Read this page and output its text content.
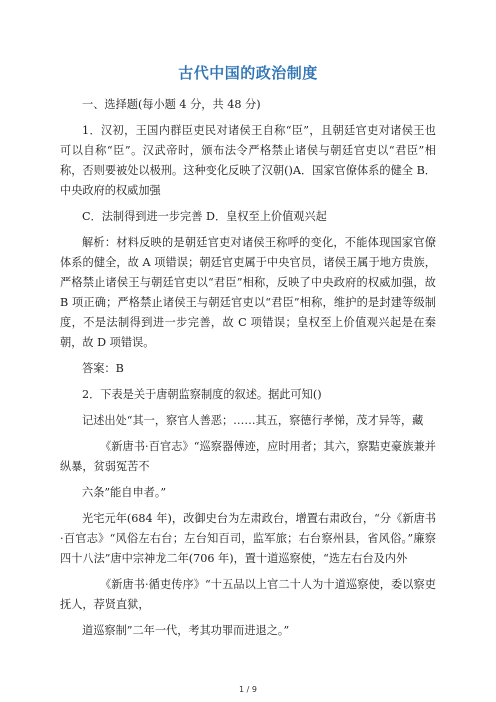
古代中国的政治制度

一、选择题(每小题 4 分，共 48 分)

1．汉初，王国内群臣吏民对诸侯王自称“臣”，且朝廷官吏对诸侯王也可以自称“臣”。汉武帝时，颁布法令严格禁止诸侯与朝廷官吏以“君臣”相称，否则要被处以极刑。这种变化反映了汉朝()A．国家官僚体系的健全 B．中央政府的权威加强

C．法制得到进一步完善 D．皇权至上价值观兴起

解析：材料反映的是朝廷官吏对诸侯王称呼的变化，不能体现国家官僚体系的健全，故 A 项错误；朝廷官吏属于中央官员，诸侯王属于地方贵族，严格禁止诸侯王与朝廷官吏以“君臣”相称，反映了中央政府的权威加强，故 B 项正确；严格禁止诸侯王与朝廷官吏以“君臣”相称，维护的是封建等级制度，不是法制得到进一步完善，故 C 项错误；皇权至上价值观兴起是在秦朝，故 D 项错误。

答案：B

2．下表是关于唐朝监察制度的叙述。据此可知()

记述出处“其一，察官人善恶；……其五，察德行孝悌，茂才异等，藏

《新唐书·百官志》“巡察器傅迹，应时用者；其六，察黠吏豪族兼并纵暴，贫弱冤苦不

六条”能自申者。”

光宅元年(684 年)，改御史台为左肃政台，增置右肃政台，“分《新唐书·百官志》“风俗左右台；左台知百司，监军旅；右台察州县，省风俗。”廉察四十八法”唐中宗神龙二年(706 年)，置十道巡察使，“选左右台及内外

《新唐书·循吏传序》“十五品以上官二十人为十道巡察使，委以察吏抚人，荐贤直狱，

道巡察制”二年一代，考其功罪而进退之。”

1 / 9
